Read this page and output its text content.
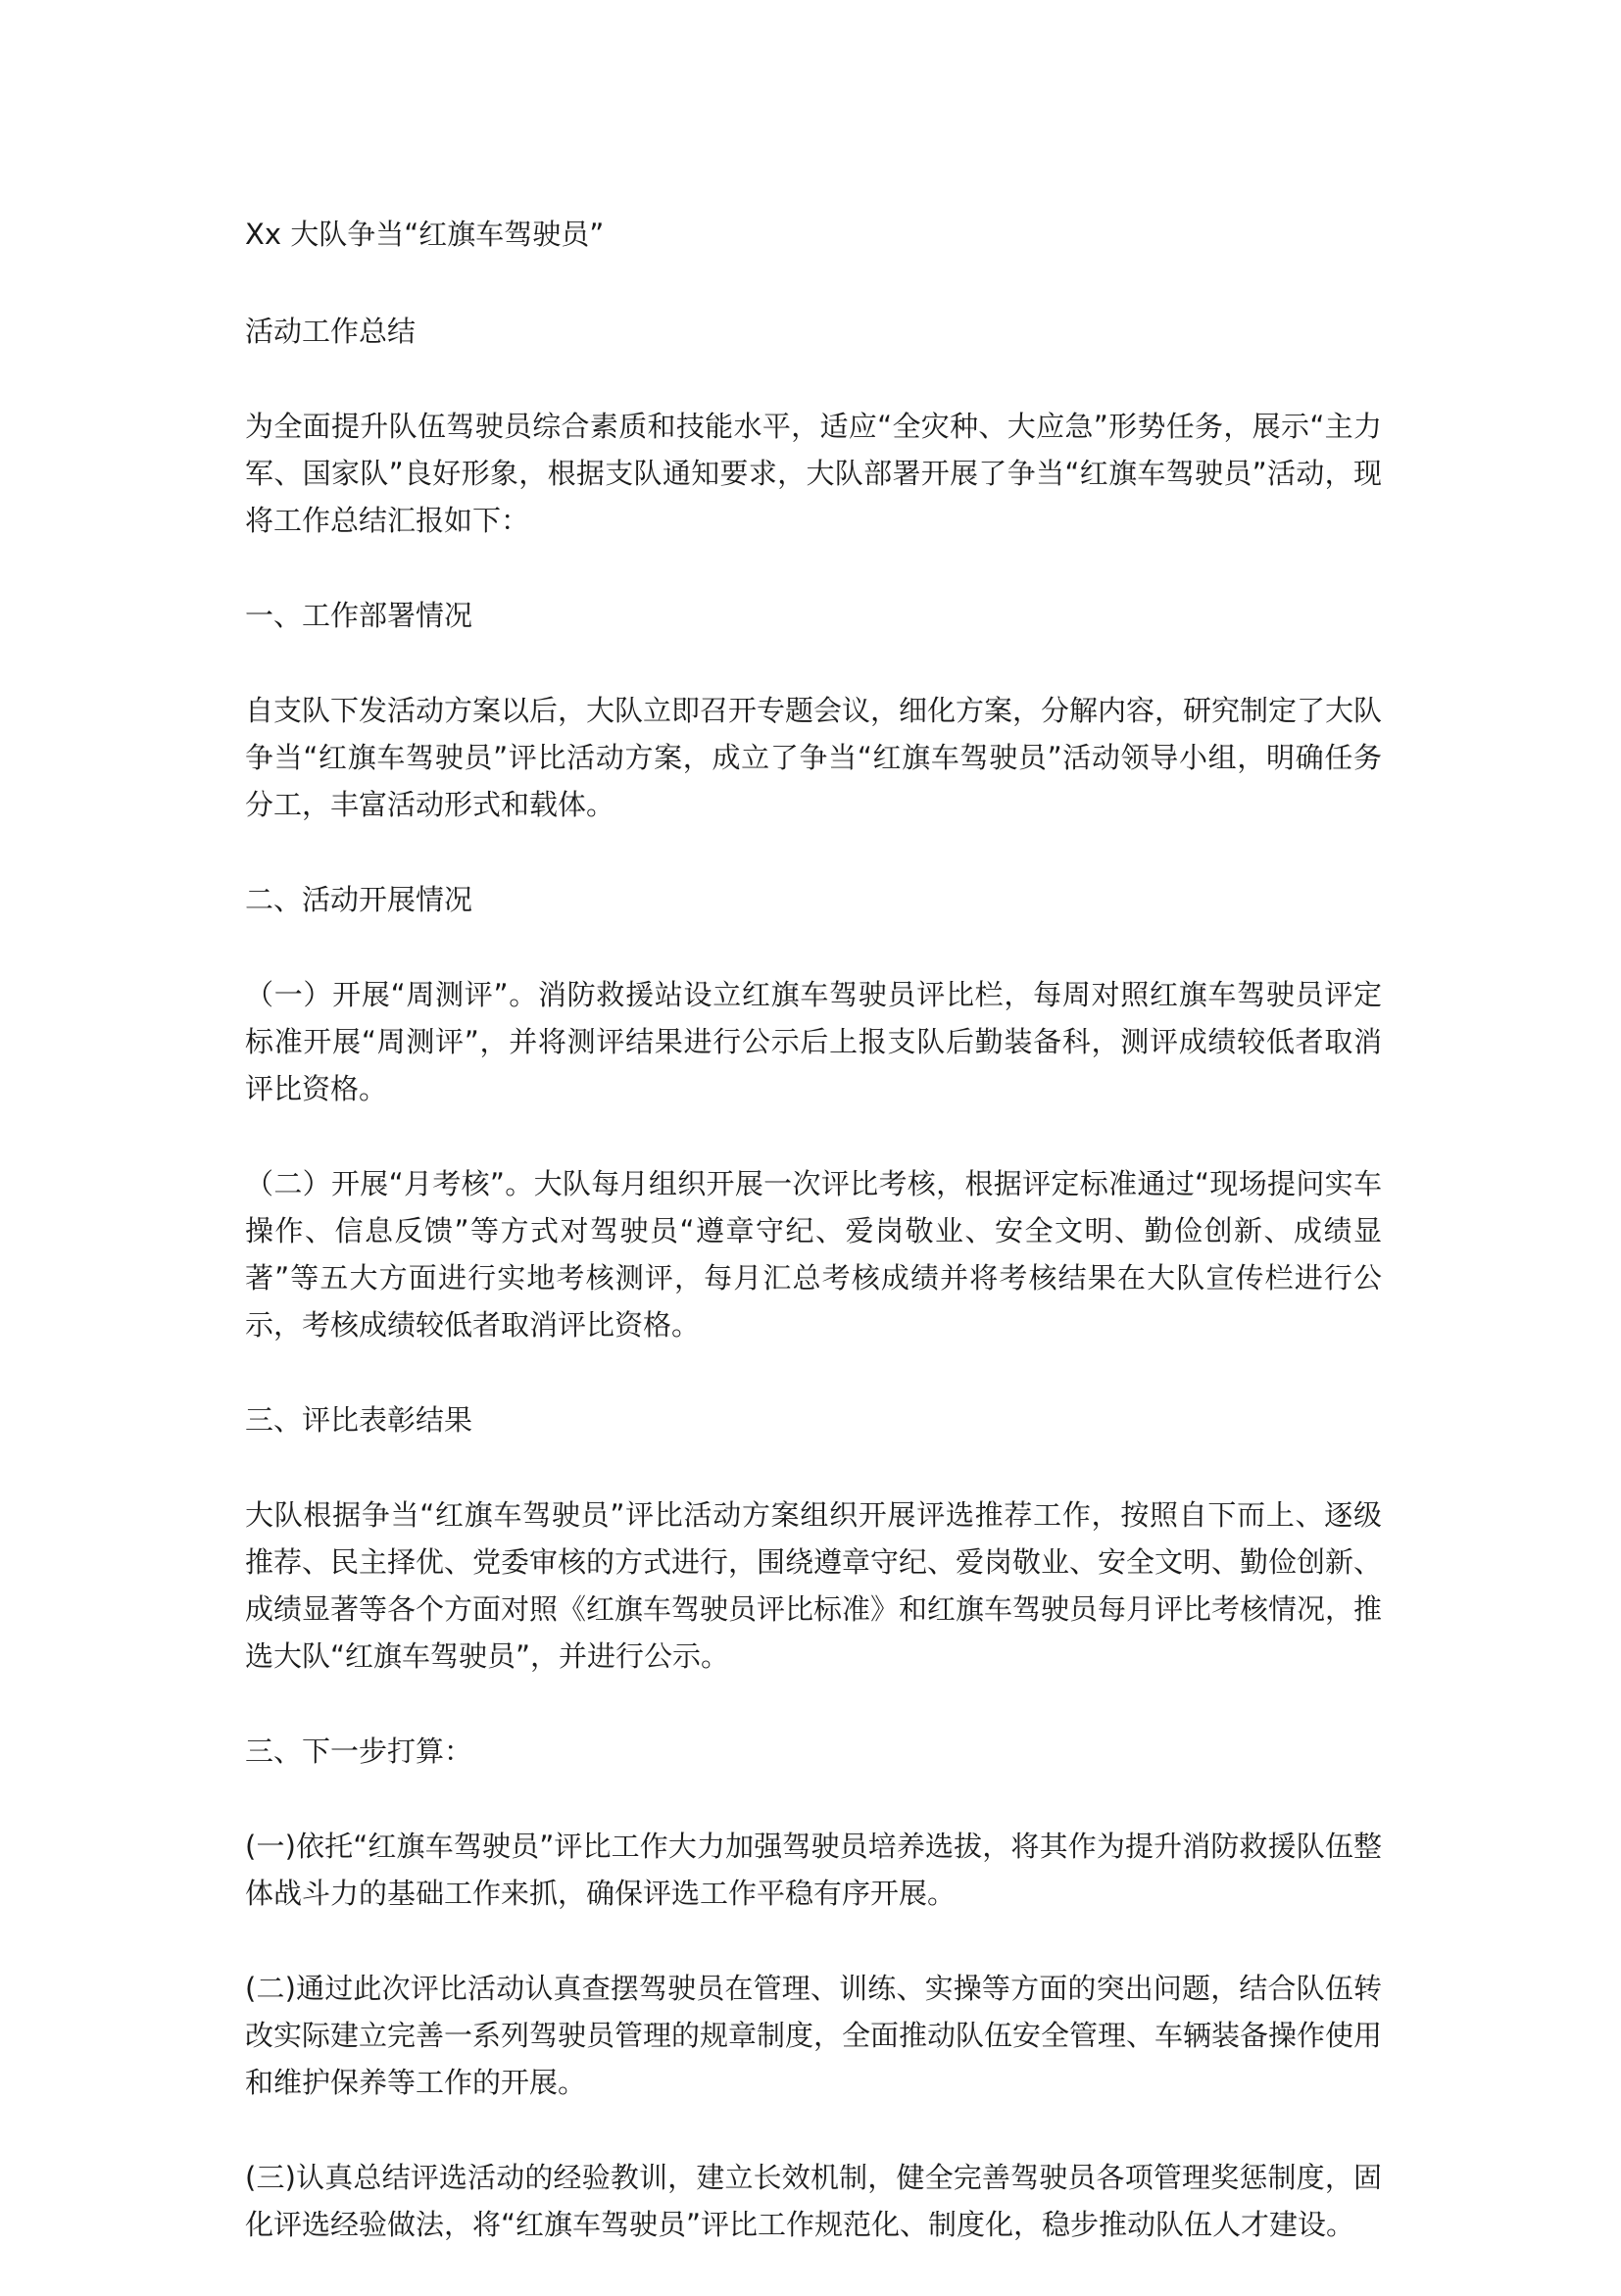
Xx 大队争当“红旗车驾驶员”

活动工作总结

为全面提升队伍驾驶员综合素质和技能水平，适应“全灾种、大应急”形势任务，展示“主力军、国家队”良好形象，根据支队通知要求，大队部署开展了争当“红旗车驾驶员”活动，现将工作总结汇报如下：

一、工作部署情况

自支队下发活动方案以后，大队立即召开专题会议，细化方案，分解内容，研究制定了大队争当“红旗车驾驶员”评比活动方案，成立了争当“红旗车驾驶员”活动领导小组，明确任务分工，丰富活动形式和载体。

二、活动开展情况

（一）开展“周测评”。消防救援站设立红旗车驾驶员评比栏，每周对照红旗车驾驶员评定标准开展“周测评”，并将测评结果进行公示后上报支队后勤装备科，测评成绩较低者取消评比资格。

（二）开展“月考核”。大队每月组织开展一次评比考核，根据评定标准通过“现场提问实车操作、信息反馈”等方式对驾驶员“遵章守纪、爱岗敬业、安全文明、勤俭创新、成绩显著”等五大方面进行实地考核测评，每月汇总考核成绩并将考核结果在大队宣传栏进行公示，考核成绩较低者取消评比资格。

三、评比表彰结果

大队根据争当“红旗车驾驶员”评比活动方案组织开展评选推荐工作，按照自下而上、逐级推荐、民主择优、党委审核的方式进行，围绕遵章守纪、爱岗敬业、安全文明、勤俭创新、成绩显著等各个方面对照《红旗车驾驶员评比标准》和红旗车驾驶员每月评比考核情况，推选大队“红旗车驾驶员”，并进行公示。

三、下一步打算：

(一)依托“红旗车驾驶员”评比工作大力加强驾驶员培养选拔，将其作为提升消防救援队伍整体战斗力的基础工作来抓，确保评选工作平稳有序开展。

(二)通过此次评比活动认真查摆驾驶员在管理、训练、实操等方面的突出问题，结合队伍转改实际建立完善一系列驾驶员管理的规章制度，全面推动队伍安全管理、车辆装备操作使用和维护保养等工作的开展。

(三)认真总结评选活动的经验教训，建立长效机制，健全完善驾驶员各项管理奖惩制度，固化评选经验做法，将“红旗车驾驶员”评比工作规范化、制度化，稳步推动队伍人才建设。
